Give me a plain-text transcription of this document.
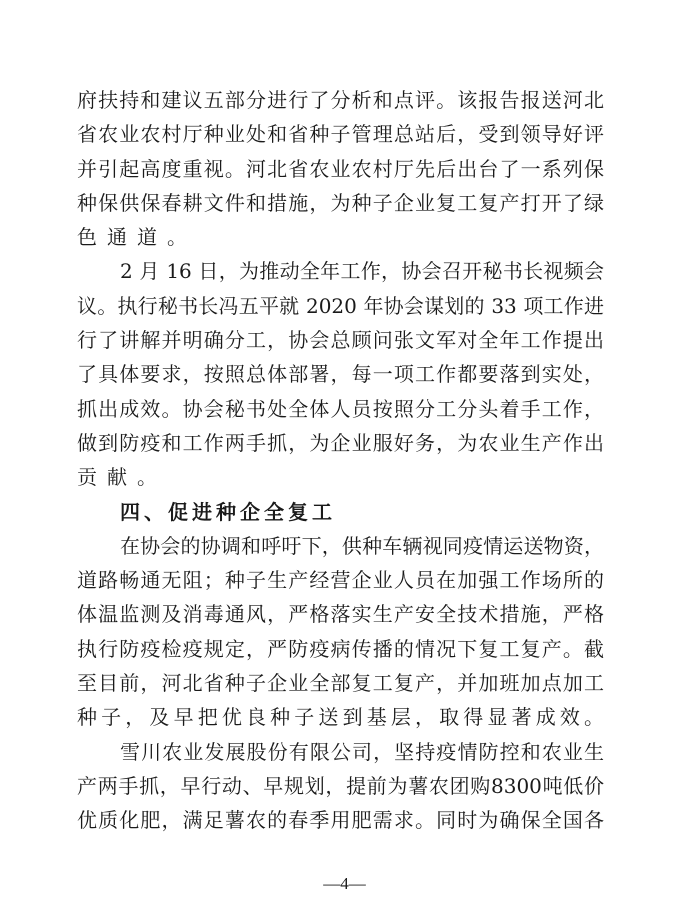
府扶持和建议五部分进行了分析和点评。该报告报送河北
省农业农村厅种业处和省种子管理总站后，受到领导好评
并引起高度重视。河北省农业农村厅先后出台了一系列保
种保供保春耕文件和措施，为种子企业复工复产打开了绿
色通道。
2 月 16 日，为推动全年工作，协会召开秘书长视频会
议。执行秘书长冯五平就 2020 年协会谋划的 33 项工作进
行了讲解并明确分工，协会总顾问张文军对全年工作提出
了具体要求，按照总体部署，每一项工作都要落到实处，
抓出成效。协会秘书处全体人员按照分工分头着手工作，
做到防疫和工作两手抓，为企业服好务，为农业生产作出
贡献。
四、促进种企全复工
在协会的协调和呼吁下，供种车辆视同疫情运送物资，
道路畅通无阻；种子生产经营企业人员在加强工作场所的
体温监测及消毒通风，严格落实生产安全技术措施，严格
执行防疫检疫规定，严防疫病传播的情况下复工复产。截
至目前，河北省种子企业全部复工复产，并加班加点加工
种子，及早把优良种子送到基层，取得显著成效。
雪川农业发展股份有限公司，坚持疫情防控和农业生
产两手抓，早行动、早规划，提前为薯农团购8300吨低价
优质化肥，满足薯农的春季用肥需求。同时为确保全国各
—4—
